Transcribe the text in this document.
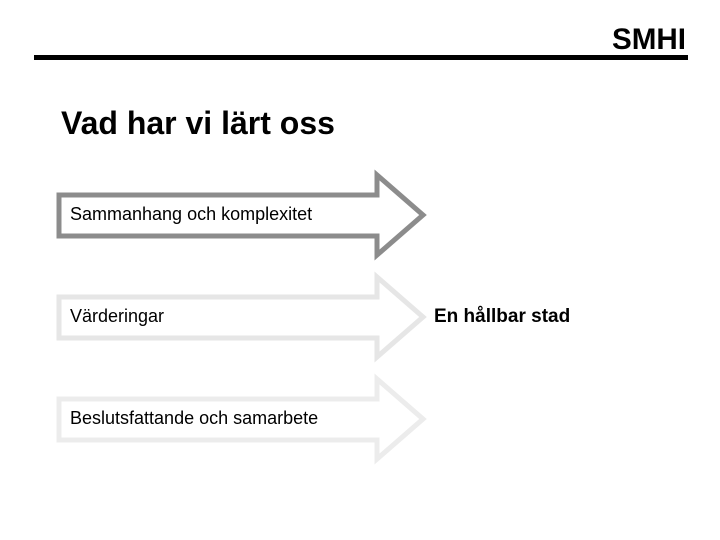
SMHI
Vad har vi lärt oss
Sammanhang och komplexitet
Värderingar
Beslutsfattande och samarbete
En hållbar stad
